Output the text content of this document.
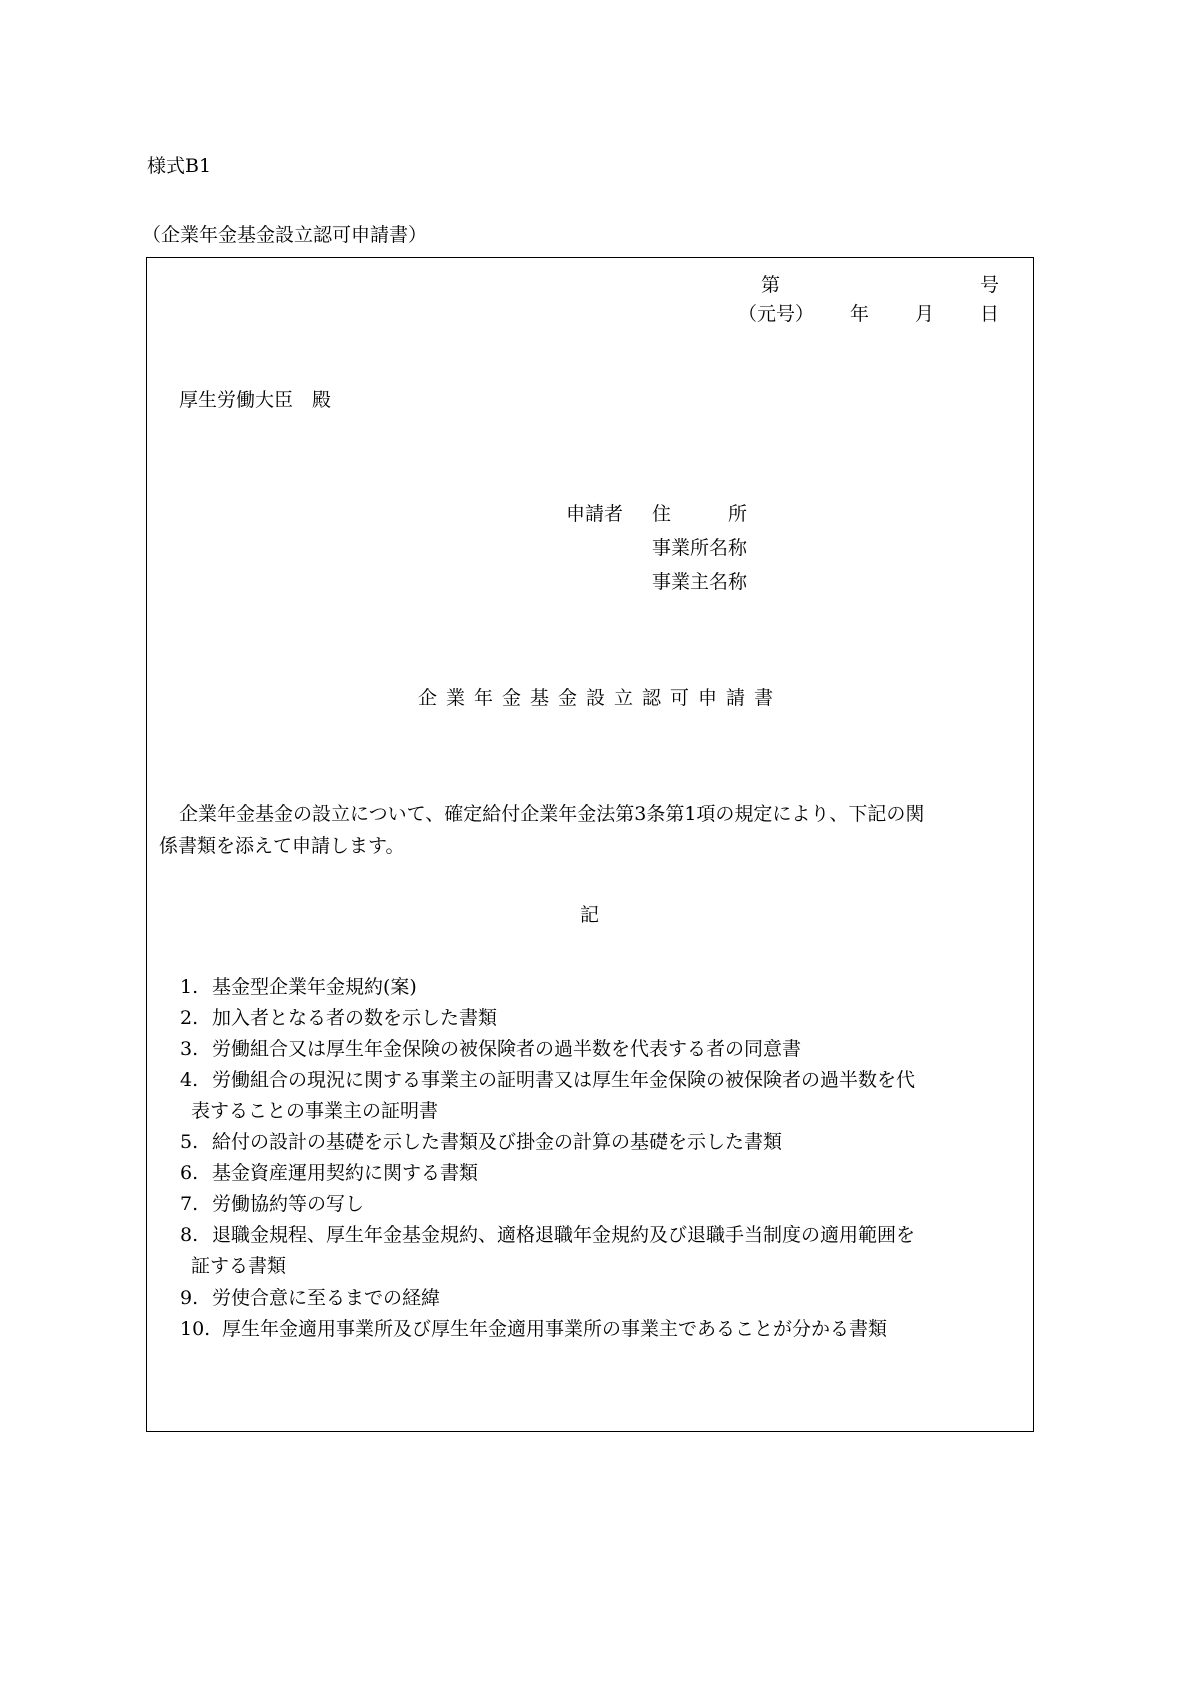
様式B1
（企業年金基金設立認可申請書）
第	号
（元号） 年 月 日
厚生労働大臣　殿
申請者 住　　　所
事業所名称
事業主名称
企業年金基金設立認可申請書
企業年金基金の設立について、確定給付企業年金法第3条第1項の規定により、下記の関
係書類を添えて申請します。
記
1. 基金型企業年金規約(案)
2. 加入者となる者の数を示した書類
3. 労働組合又は厚生年金保険の被保険者の過半数を代表する者の同意書
4. 労働組合の現況に関する事業主の証明書又は厚生年金保険の被保険者の過半数を代
表することの事業主の証明書
5. 給付の設計の基礎を示した書類及び掛金の計算の基礎を示した書類
6. 基金資産運用契約に関する書類
7. 労働協約等の写し
8. 退職金規程、厚生年金基金規約、適格退職年金規約及び退職手当制度の適用範囲を
証する書類
9. 労使合意に至るまでの経緯
10. 厚生年金適用事業所及び厚生年金適用事業所の事業主であることが分かる書類
